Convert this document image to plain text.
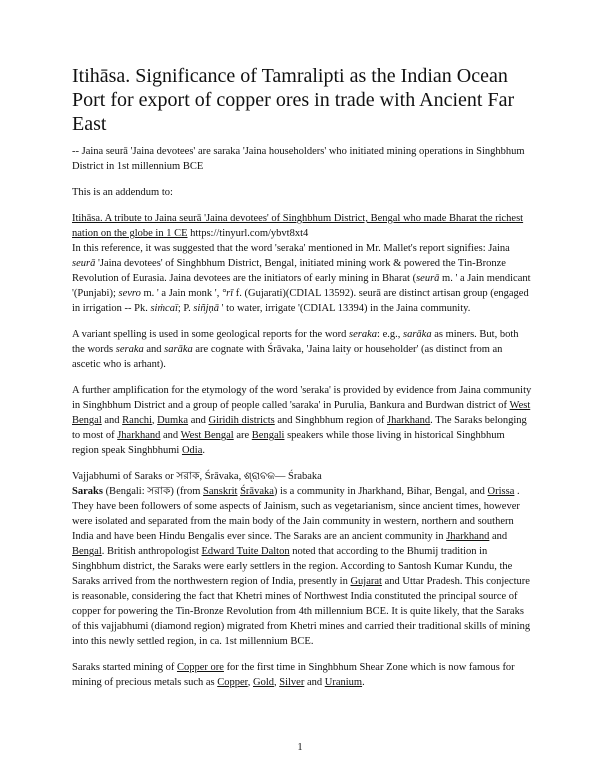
Itihāsa. Significance of Tamralipti as the Indian Ocean Port for export of copper ores in trade with Ancient Far East

-- Jaina seurā 'Jaina devotees' are saraka 'Jaina householders' who initiated mining operations in Singhbhum District in 1st millennium BCE

This is an addendum to:

Itihāsa. A tribute to Jaina seurā 'Jaina devotees' of Singhbhum District, Bengal who made Bharat the richest nation on the globe in 1 CE https://tinyurl.com/ybvt8xt4
In this reference, it was suggested that the word 'seraka' mentioned in Mr. Mallet's report signifies: Jaina seurā 'Jaina devotees' of Singhbhum District, Bengal, initiated mining work & powered the Tin-Bronze Revolution of Eurasia. Jaina devotees are the initiators of early mining in Bharat (seurā m. ' a Jain mendicant '(Punjabi); sevro m. ' a Jain monk ', °rī f. (Gujarati)(CDIAL 13592). seurā are distinct artisan group (engaged in irrigation -- Pk. siṁcaï; P. siñjṇā ' to water, irrigate '(CDIAL 13394) in the Jaina community.

A variant spelling is used in some geological reports for the word seraka: e.g., sarāka as miners. But, both the words seraka and sarāka are cognate with Śrāvaka, 'Jaina laity or householder' (as distinct from an ascetic who is arhant).

A further amplification for the etymology of the word 'seraka' is provided by evidence from Jaina community in Singhbhum District and a group of people called 'saraka' in Purulia, Bankura and Burdwan district of West Bengal and Ranchi, Dumka and Giridih districts and Singhbhum region of Jharkhand. The Saraks belonging to most of Jharkhand and West Bengal are Bengali speakers while those living in historical Singhbhum region speak Singhbhumi Odia.

Vajjabhumi of Saraks or সরাক, Śrāvaka, ଶ୍ରାବକ— Śrabaka

Saraks (Bengali: সরাক) (from Sanskrit Śrāvaka) is a community in Jharkhand, Bihar, Bengal, and Orissa . They have been followers of some aspects of Jainism, such as vegetarianism, since ancient times, however were isolated and separated from the main body of the Jain community in western, northern and southern India and have been Hindu Bengalis ever since. The Saraks are an ancient community in Jharkhand and Bengal. British anthropologist Edward Tuite Dalton noted that according to the Bhumij tradition in Singhbhum district, the Saraks were early settlers in the region. According to Santosh Kumar Kundu, the Saraks arrived from the northwestern region of India, presently in Gujarat and Uttar Pradesh. This conjecture is reasonable, considering the fact that Khetri mines of Northwest India constituted the principal source of copper for powering the Tin-Bronze Revolution from 4th millennium BCE. It is quite likely, that the Saraks of this vajjabhumi (diamond region) migrated from Khetri mines and carried their traditional skills of mining into this newly settled region, in ca. 1st millennium BCE.

Saraks started mining of Copper ore for the first time in Singhbhum Shear Zone which is now famous for mining of precious metals such as Copper, Gold, Silver and Uranium.

1
